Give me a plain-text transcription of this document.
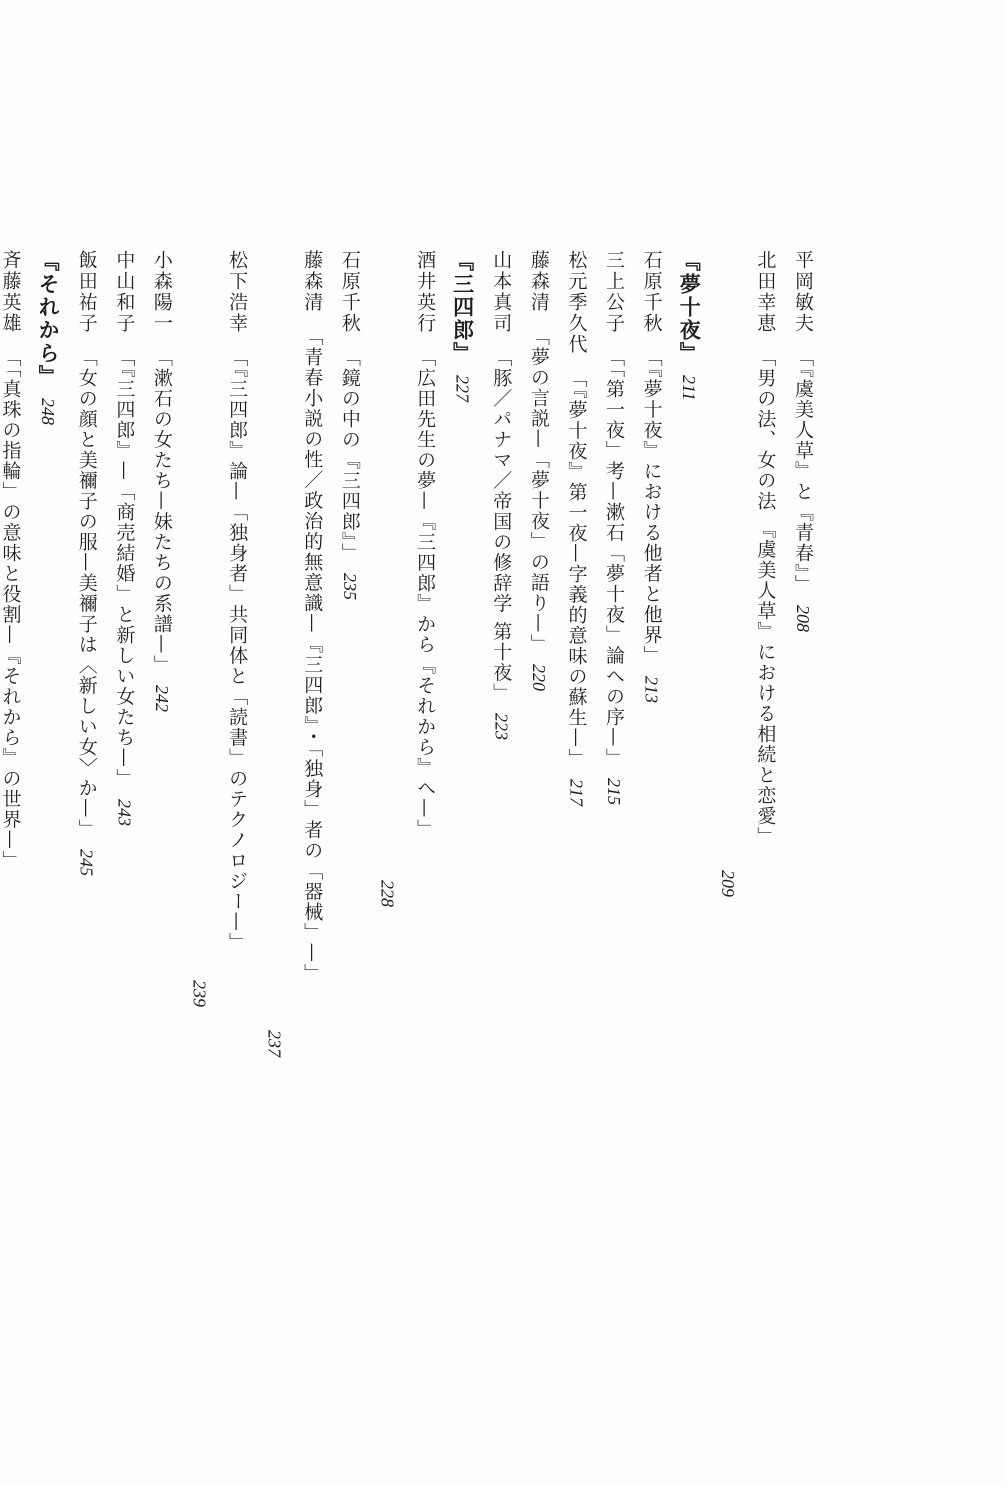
平岡敏夫「『虞美人草』と『青春』」208
北田幸恵「男の法、女の法 『虞美人草』における相続と恋愛」
209
『夢十夜』211
石原千秋「『夢十夜』における他者と他界」213
三上公子「「第一夜」考—漱石「夢十夜」論への序—」215
松元季久代「『夢十夜』第一夜—字義的意味の蘇生—」217
藤森清「夢の言説—「夢十夜」の語り—」220
山本真司「豚／パナマ／帝国の修辞学 第十夜」223
『三四郎』227
酒井英行「広田先生の夢—『三四郎』から『それから』へ—」
228
石原千秋「鏡の中の『三四郎』」235
藤森清「青春小説の性／政治的無意識—『三四郎』・「独身」者の「器械」—」
237
松下浩幸「『三四郎』論—「独身者」共同体と「読書」のテクノロジー—」
239
小森陽一「漱石の女たち—妹たちの系譜—」242
中山和子「『三四郎』—「商売結婚」と新しい女たち—」243
飯田祐子「女の顔と美禰子の服—美禰子は〈新しい女〉か—」245
『それから』248
斉藤英雄「「真珠の指輪」の意味と役割—『それから』の世界—」
